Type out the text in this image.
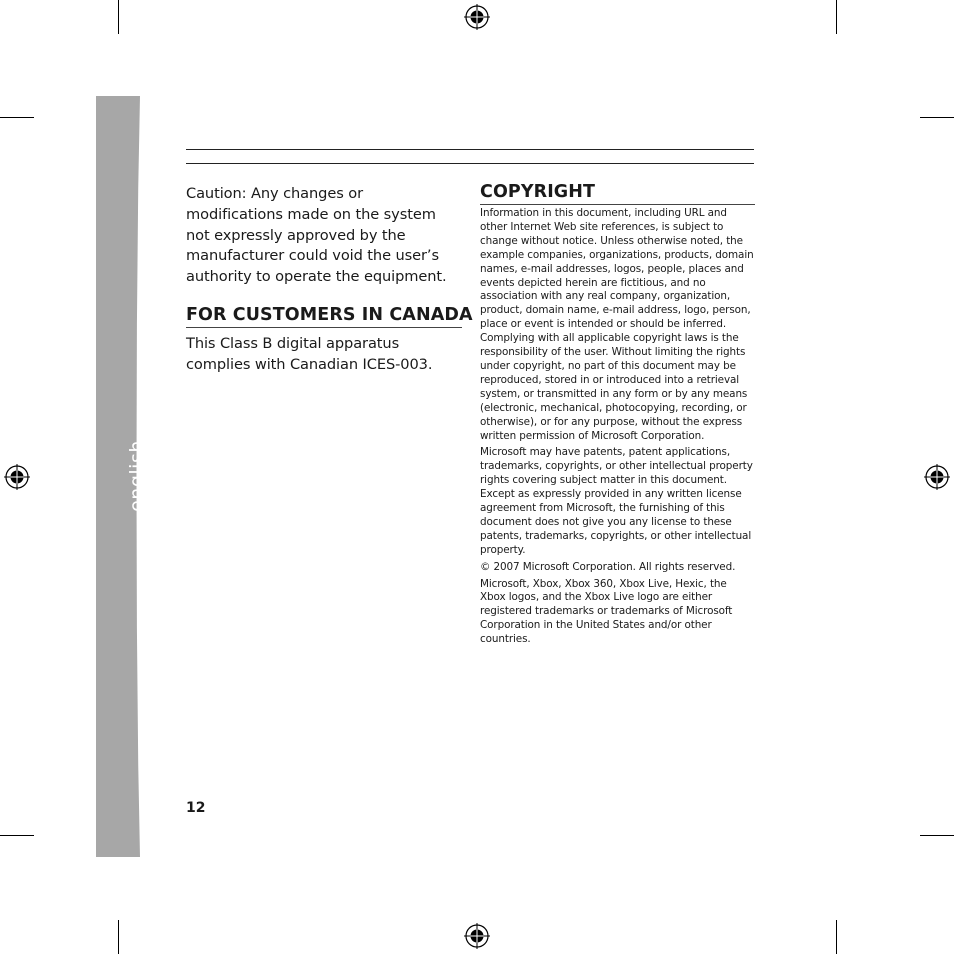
english

Caution: Any changes or modifications made on the system not expressly approved by the manufacturer could void the user’s authority to operate the equipment.

FOR CUSTOMERS IN CANADA

This Class B digital apparatus complies with Canadian ICES-003.

COPYRIGHT

Information in this document, including URL and other Internet Web site references, is subject to change without notice. Unless otherwise noted, the example companies, organizations, products, domain names, e-mail addresses, logos, people, places and events depicted herein are fictitious, and no association with any real company, organization, product, domain name, e-mail address, logo, person, place or event is intended or should be inferred. Complying with all applicable copyright laws is the responsibility of the user. Without limiting the rights under copyright, no part of this document may be reproduced, stored in or introduced into a retrieval system, or transmitted in any form or by any means (electronic, mechanical, photocopying, recording, or otherwise), or for any purpose, without the express written permission of Microsoft Corporation.

Microsoft may have patents, patent applications, trademarks, copyrights, or other intellectual property rights covering subject matter in this document. Except as expressly provided in any written license agreement from Microsoft, the furnishing of this document does not give you any license to these patents, trademarks, copyrights, or other intellectual property.

© 2007 Microsoft Corporation. All rights reserved.

Microsoft, Xbox, Xbox 360, Xbox Live, Hexic, the Xbox logos, and the Xbox Live logo are either registered trademarks or trademarks of Microsoft Corporation in the United States and/or other countries.

12
